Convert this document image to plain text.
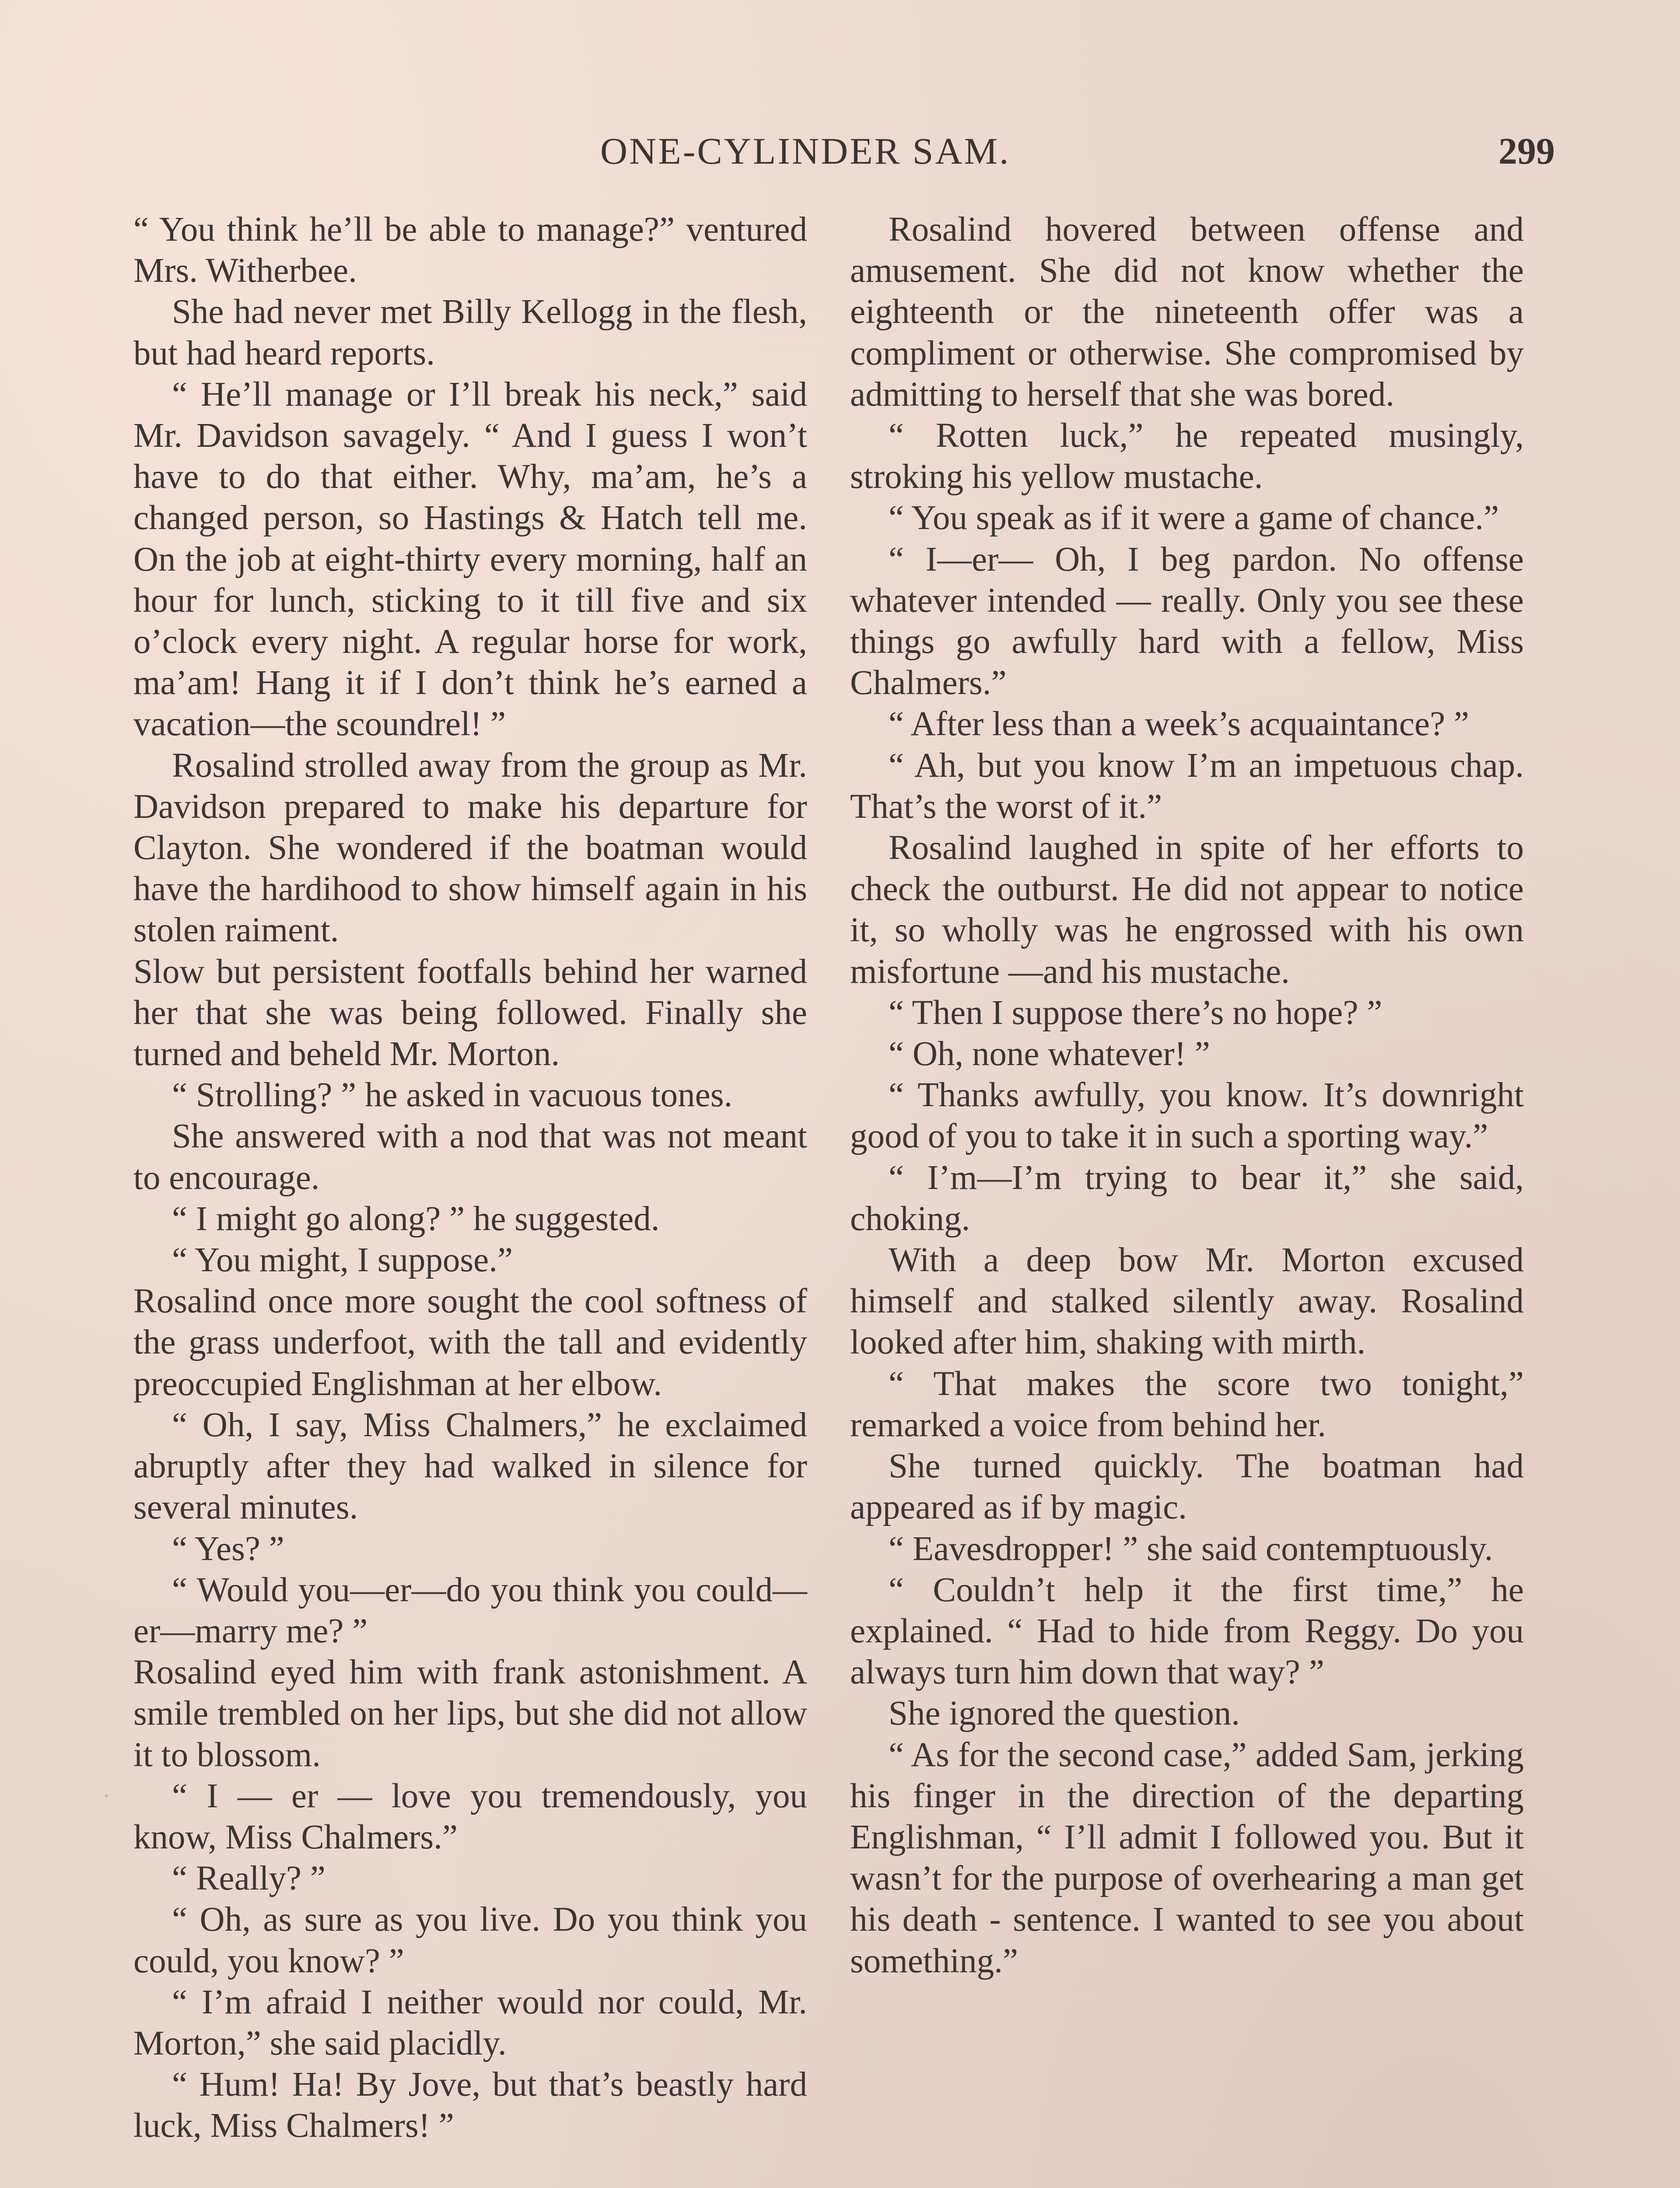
ONE-CYLINDER SAM.	299

“ You think he’ll be able to manage?” ventured Mrs. Witherbee.

She had never met Billy Kellogg in the flesh, but had heard reports.

“ He’ll manage or I’ll break his neck,” said Mr. Davidson savagely. “ And I guess I won’t have to do that either. Why, ma’am, he’s a changed person, so Hastings & Hatch tell me. On the job at eight-thirty every morning, half an hour for lunch, sticking to it till five and six o’clock every night. A regular horse for work, ma’am! Hang it if I don’t think he’s earned a vacation—the scoundrel! ”

Rosalind strolled away from the group as Mr. Davidson prepared to make his departure for Clayton. She wondered if the boatman would have the hardihood to show himself again in his stolen raiment.

Slow but persistent footfalls behind her warned her that she was being followed. Finally she turned and beheld Mr. Morton.

“ Strolling? ” he asked in vacuous tones.

She answered with a nod that was not meant to encourage.

“ I might go along? ” he suggested.

“ You might, I suppose.”

Rosalind once more sought the cool softness of the grass underfoot, with the tall and evidently preoccupied Englishman at her elbow.

“ Oh, I say, Miss Chalmers,” he exclaimed abruptly after they had walked in silence for several minutes.

“ Yes? ”

“ Would you—er—do you think you could—er—marry me? ”

Rosalind eyed him with frank astonishment. A smile trembled on her lips, but she did not allow it to blossom.

“ I — er — love you tremendously, you know, Miss Chalmers.”

“ Really? ”

“ Oh, as sure as you live. Do you think you could, you know? ”

“ I’m afraid I neither would nor could, Mr. Morton,” she said placidly.

“ Hum! Ha! By Jove, but that’s beastly hard luck, Miss Chalmers! ”

Rosalind hovered between offense and amusement. She did not know whether the eighteenth or the nineteenth offer was a compliment or otherwise. She compromised by admitting to herself that she was bored.

“ Rotten luck,” he repeated musingly, stroking his yellow mustache.

“ You speak as if it were a game of chance.”

“ I—er— Oh, I beg pardon. No offense whatever intended — really. Only you see these things go awfully hard with a fellow, Miss Chalmers.”

“ After less than a week’s acquaintance? ”

“ Ah, but you know I’m an impetuous chap. That’s the worst of it.”

Rosalind laughed in spite of her efforts to check the outburst. He did not appear to notice it, so wholly was he engrossed with his own misfortune —and his mustache.

“ Then I suppose there’s no hope? ”

“ Oh, none whatever! ”

“ Thanks awfully, you know. It’s downright good of you to take it in such a sporting way.”

“ I’m—I’m trying to bear it,” she said, choking.

With a deep bow Mr. Morton excused himself and stalked silently away. Rosalind looked after him, shaking with mirth.

“ That makes the score two tonight,” remarked a voice from behind her.

She turned quickly. The boatman had appeared as if by magic.

“ Eavesdropper! ” she said contemptuously.

“ Couldn’t help it the first time,” he explained. “ Had to hide from Reggy. Do you always turn him down that way? ”

She ignored the question.

“ As for the second case,” added Sam, jerking his finger in the direction of the departing Englishman, “ I’ll admit I followed you. But it wasn’t for the purpose of overhearing a man get his death - sentence. I wanted to see you about something.”
